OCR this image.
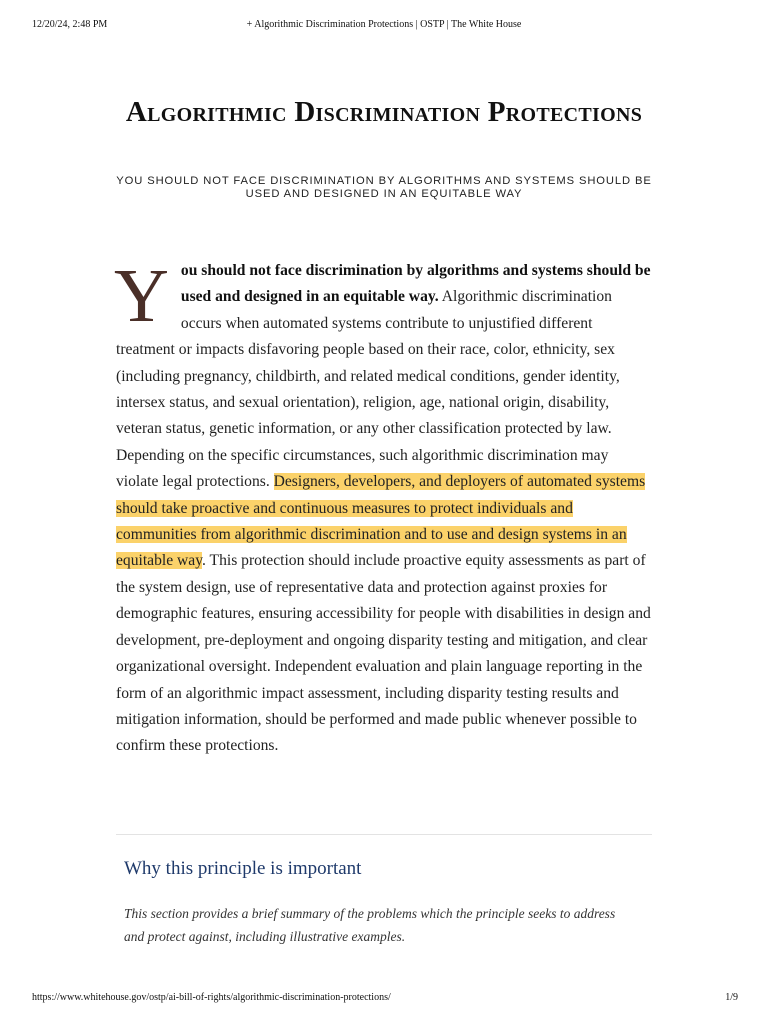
12/20/24, 2:48 PM	+ Algorithmic Discrimination Protections | OSTP | The White House
Algorithmic Discrimination Protections

YOU SHOULD NOT FACE DISCRIMINATION BY ALGORITHMS AND SYSTEMS SHOULD BE USED AND DESIGNED IN AN EQUITABLE WAY

You should not face discrimination by algorithms and systems should be used and designed in an equitable way. Algorithmic discrimination occurs when automated systems contribute to unjustified different treatment or impacts disfavoring people based on their race, color, ethnicity, sex (including pregnancy, childbirth, and related medical conditions, gender identity, intersex status, and sexual orientation), religion, age, national origin, disability, veteran status, genetic information, or any other classification protected by law. Depending on the specific circumstances, such algorithmic discrimination may violate legal protections. Designers, developers, and deployers of automated systems should take proactive and continuous measures to protect individuals and communities from algorithmic discrimination and to use and design systems in an equitable way. This protection should include proactive equity assessments as part of the system design, use of representative data and protection against proxies for demographic features, ensuring accessibility for people with disabilities in design and development, pre-deployment and ongoing disparity testing and mitigation, and clear organizational oversight. Independent evaluation and plain language reporting in the form of an algorithmic impact assessment, including disparity testing results and mitigation information, should be performed and made public whenever possible to confirm these protections.

Why this principle is important

This section provides a brief summary of the problems which the principle seeks to address and protect against, including illustrative examples.

https://www.whitehouse.gov/ostp/ai-bill-of-rights/algorithmic-discrimination-protections/	1/9
